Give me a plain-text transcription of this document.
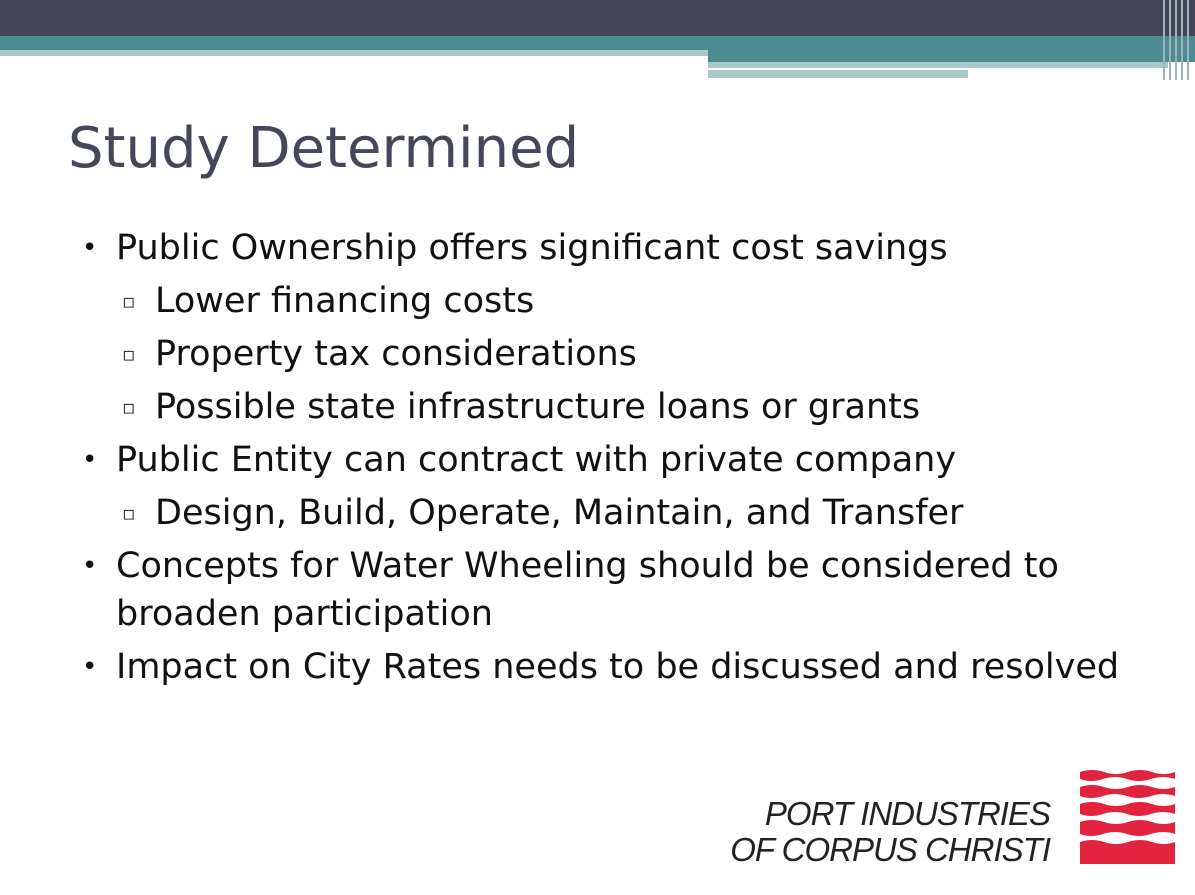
Study Determined
• Public Ownership offers significant cost savings
▫ Lower financing costs
▫ Property tax considerations
▫ Possible state infrastructure loans or grants
• Public Entity can contract with private company
▫ Design, Build, Operate, Maintain, and Transfer
• Concepts for Water Wheeling should be considered to broaden participation
• Impact on City Rates needs to be discussed and resolved
PORT INDUSTRIES
OF CORPUS CHRISTI
